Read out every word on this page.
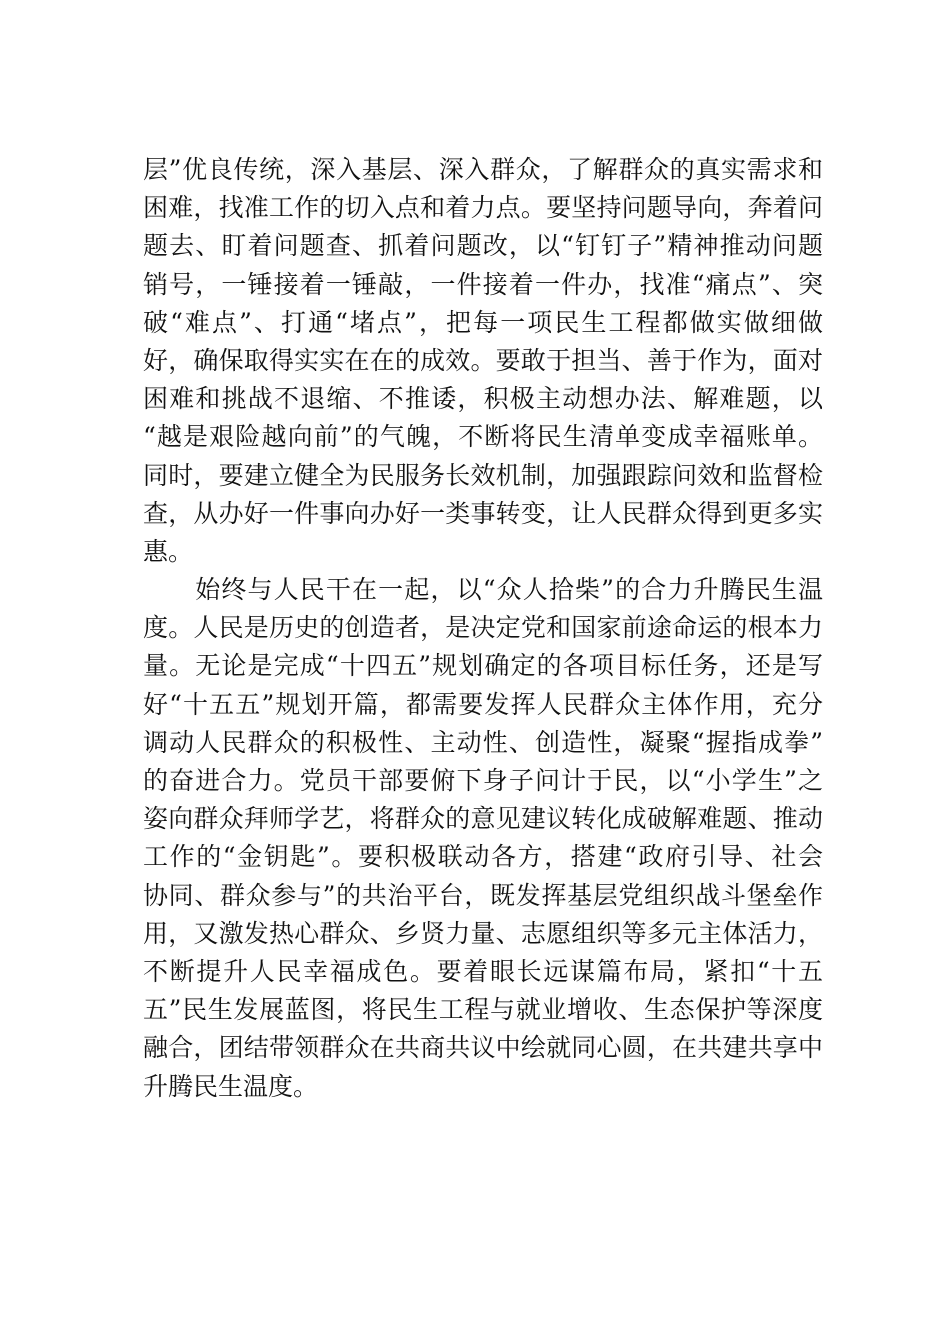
层”优良传统，深入基层、深入群众，了解群众的真实需求和
困难，找准工作的切入点和着力点。要坚持问题导向，奔着问
题去、盯着问题查、抓着问题改，以“钉钉子”精神推动问题
销号，一锤接着一锤敲，一件接着一件办，找准“痛点”、突
破“难点”、打通“堵点”，把每一项民生工程都做实做细做
好，确保取得实实在在的成效。要敢于担当、善于作为，面对
困难和挑战不退缩、不推诿，积极主动想办法、解难题，以
“越是艰险越向前”的气魄，不断将民生清单变成幸福账单。
同时，要建立健全为民服务长效机制，加强跟踪问效和监督检
查，从办好一件事向办好一类事转变，让人民群众得到更多实
惠。
　　始终与人民干在一起，以“众人拾柴”的合力升腾民生温
度。人民是历史的创造者，是决定党和国家前途命运的根本力
量。无论是完成“十四五”规划确定的各项目标任务，还是写
好“十五五”规划开篇，都需要发挥人民群众主体作用，充分
调动人民群众的积极性、主动性、创造性，凝聚“握指成拳”
的奋进合力。党员干部要俯下身子问计于民，以“小学生”之
姿向群众拜师学艺，将群众的意见建议转化成破解难题、推动
工作的“金钥匙”。要积极联动各方，搭建“政府引导、社会
协同、群众参与”的共治平台，既发挥基层党组织战斗堡垒作
用，又激发热心群众、乡贤力量、志愿组织等多元主体活力，
不断提升人民幸福成色。要着眼长远谋篇布局，紧扣“十五
五”民生发展蓝图，将民生工程与就业增收、生态保护等深度
融合，团结带领群众在共商共议中绘就同心圆，在共建共享中
升腾民生温度。
